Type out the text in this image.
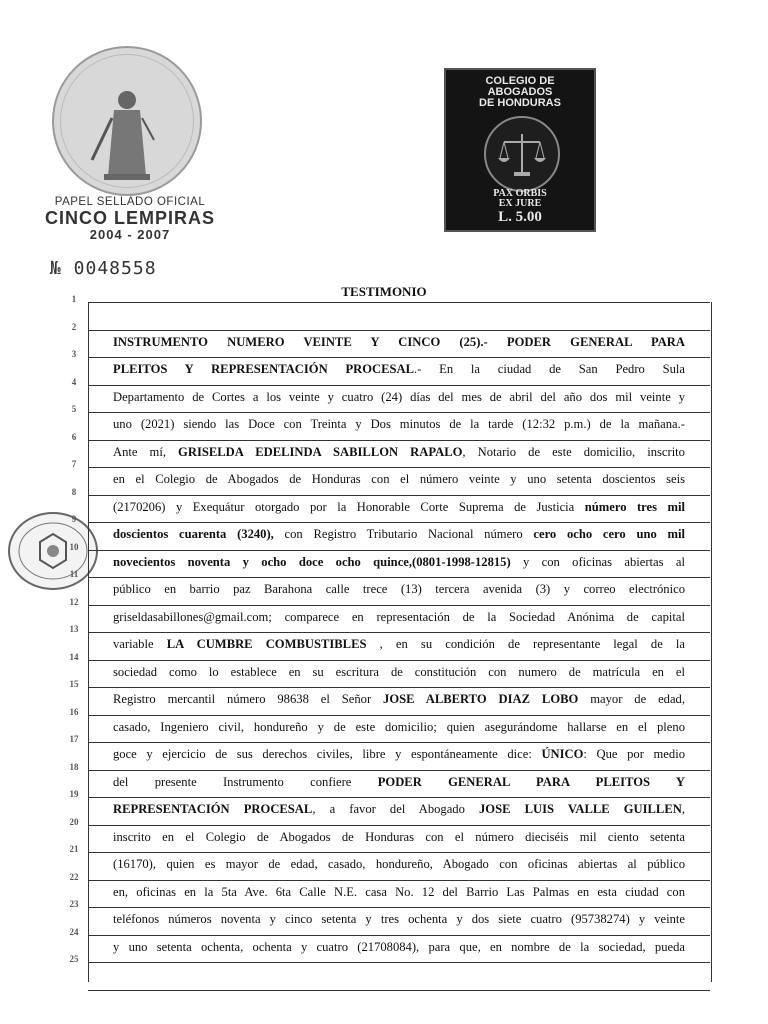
PAPEL SELLADO OFICIAL
CINCO LEMPIRAS
2004 - 2007
№ 0048558
COLEGIO DE
ABOGADOS
DE HONDURAS
PAX ORBIS
EX JURE
L. 5.00
TESTIMONIO
1
2
3
4
5
6
7
8
9
10
11
12
13
14
15
16
17
18
19
20
21
22
23
24
25
INSTRUMENTO NUMERO VEINTE Y CINCO (25).- PODER GENERAL PARA
PLEITOS Y REPRESENTACIÓN PROCESAL.- En la ciudad de San Pedro Sula
Departamento de Cortes a los veinte y cuatro (24) días del mes de abril del año dos mil veinte y
uno (2021) siendo las Doce con Treinta y Dos minutos de la tarde (12:32 p.m.) de la mañana.-
Ante mí, GRISELDA EDELINDA SABILLON RAPALO, Notario de este domicilio, inscrito
en el Colegio de Abogados de Honduras con el número veinte y uno setenta doscientos seis
(2170206) y Exequátur otorgado por la Honorable Corte Suprema de Justicia número tres mil
doscientos cuarenta (3240), con Registro Tributario Nacional número cero ocho cero uno mil
novecientos noventa y ocho doce ocho quince,(0801-1998-12815) y con oficinas abiertas al
público en barrio paz Barahona calle trece (13) tercera avenida (3) y correo electrónico
griseldasabillones@gmail.com; comparece en representación de la Sociedad Anónima de capital
variable LA CUMBRE COMBUSTIBLES , en su condición de representante legal de la
sociedad como lo establece en su escritura de constitución con numero de matrícula en el
Registro mercantil número 98638 el Señor JOSE ALBERTO DIAZ LOBO mayor de edad,
casado, Ingeniero civil, hondureño y de este domicilio; quien asegurándome hallarse en el pleno
goce y ejercicio de sus derechos civiles, libre y espontáneamente dice: ÚNICO: Que por medio
del presente Instrumento confiere PODER GENERAL PARA PLEITOS Y
REPRESENTACIÓN PROCESAL, a favor del Abogado JOSE LUIS VALLE GUILLEN,
inscrito en el Colegio de Abogados de Honduras con el número dieciséis mil ciento setenta
(16170), quien es mayor de edad, casado, hondureño, Abogado con oficinas abiertas al público
en, oficinas en la 5ta Ave. 6ta Calle N.E. casa No. 12 del Barrio Las Palmas en esta ciudad con
teléfonos números noventa y cinco setenta y tres ochenta y dos siete cuatro (95738274) y veinte
y uno setenta ochenta, ochenta y cuatro (21708084), para que, en nombre de la sociedad, pueda
